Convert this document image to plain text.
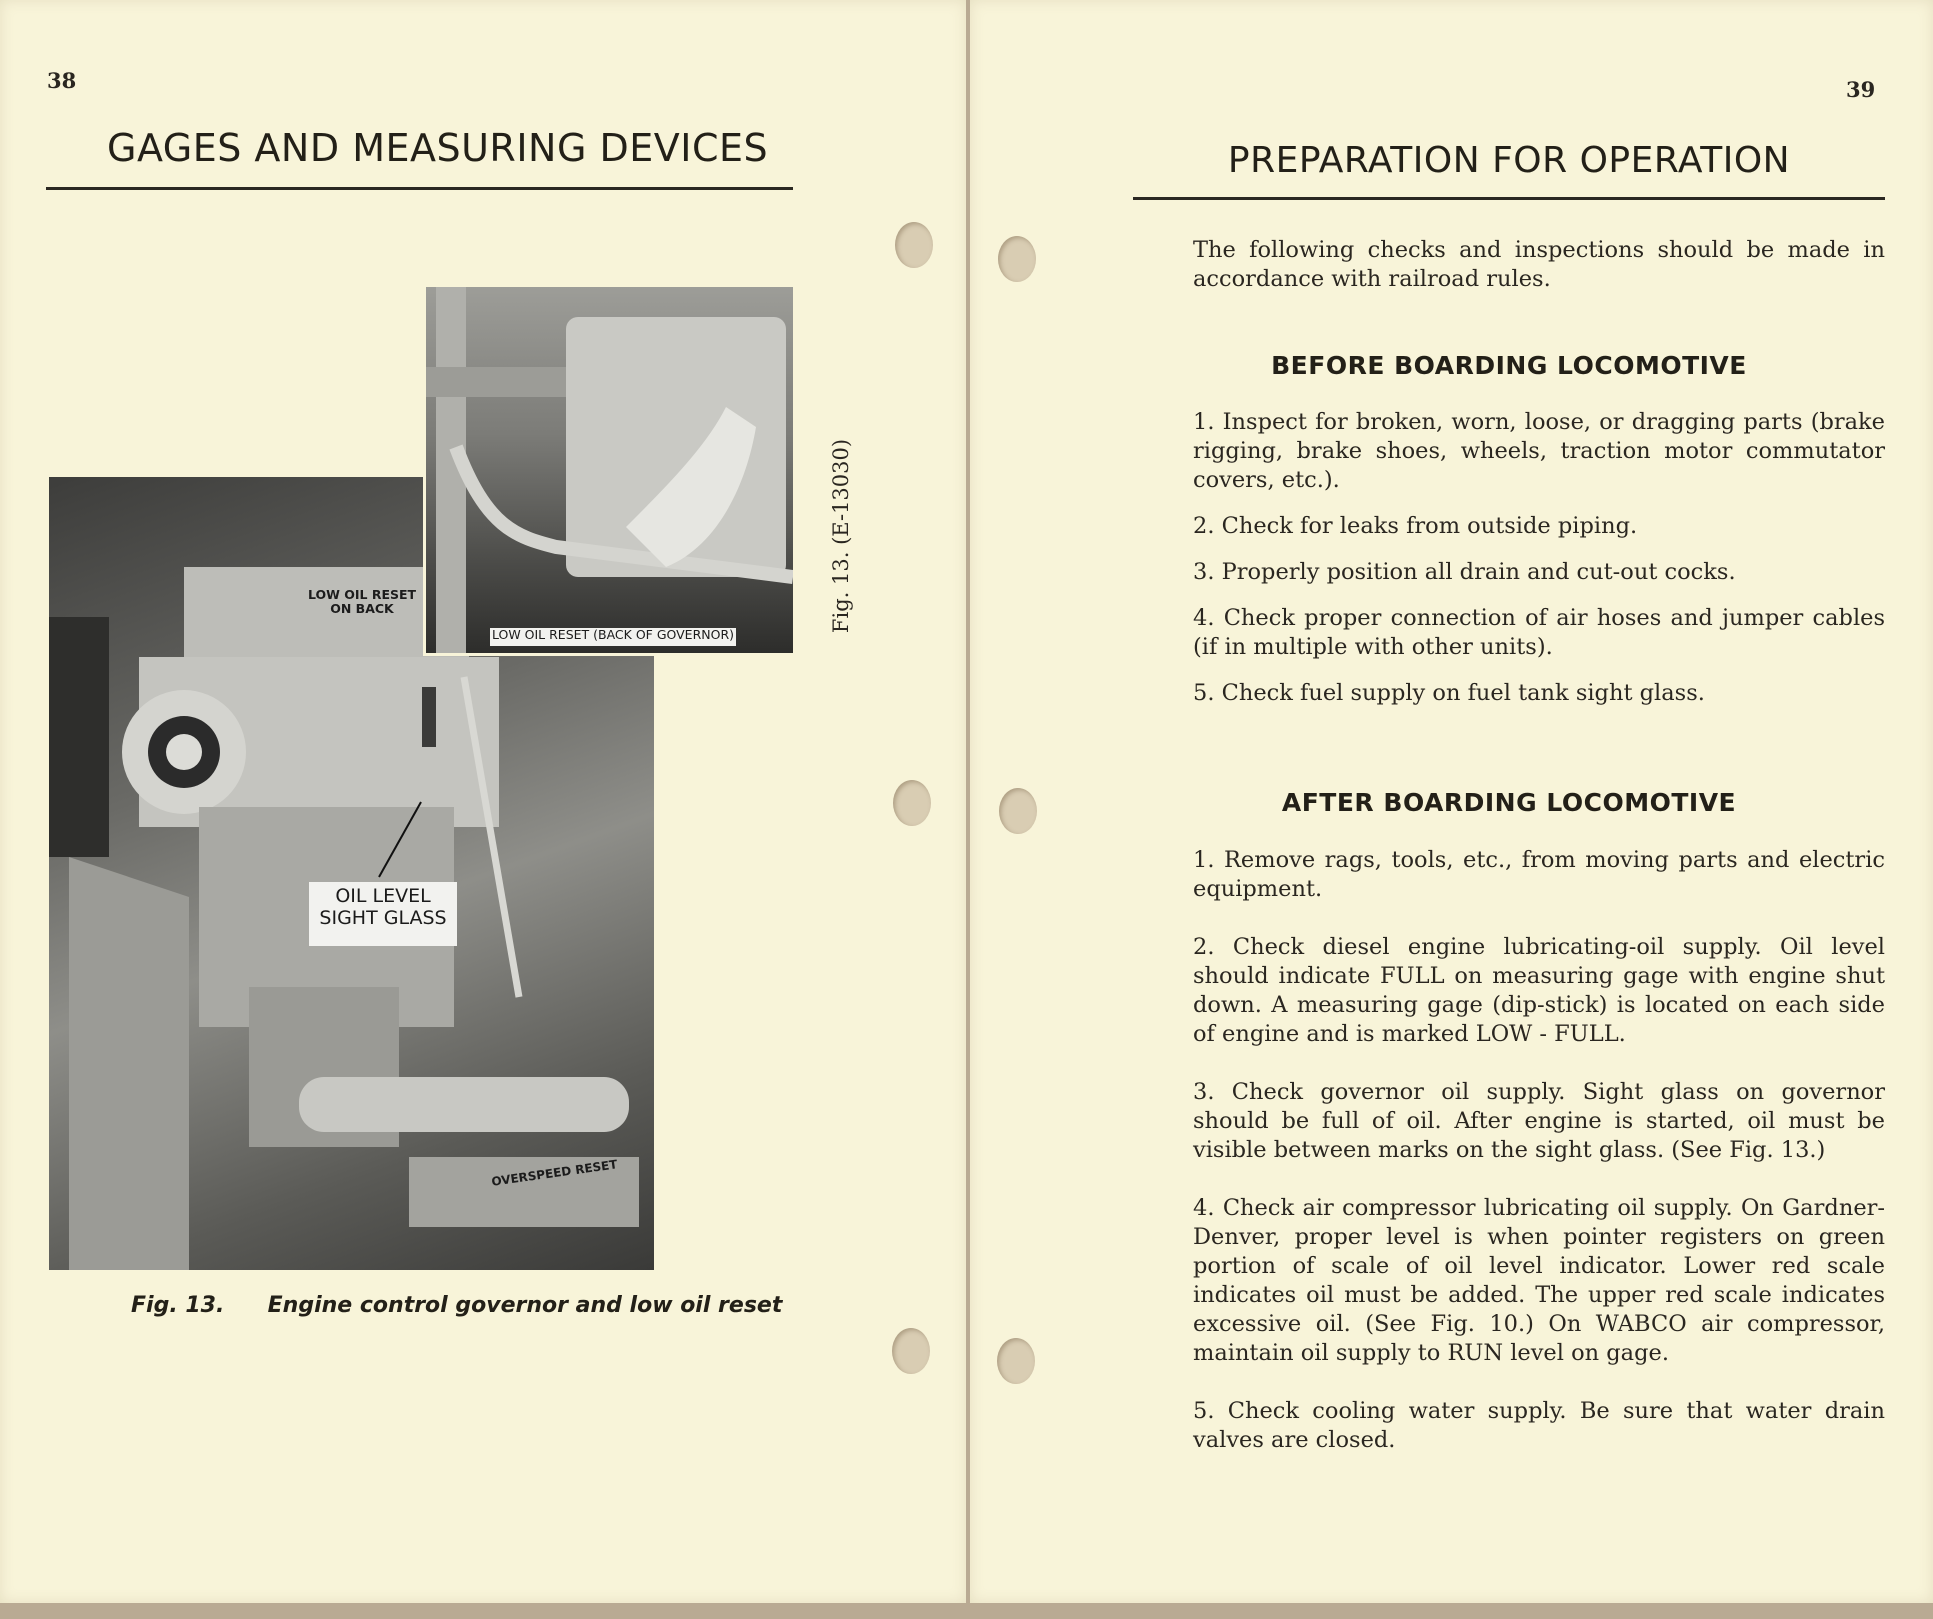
38
GAGES AND MEASURING DEVICES
LOW OIL RESET ON BACK
OIL LEVEL SIGHT GLASS
OVERSPEED RESET
LOW OIL RESET (BACK OF GOVERNOR)
Fig. 13. (E-13030)
Fig. 13. Engine control governor and low oil reset
39
PREPARATION FOR OPERATION

The following checks and inspections should be made in accordance with railroad rules.

BEFORE BOARDING LOCOMOTIVE

1. Inspect for broken, worn, loose, or dragging parts (brake rigging, brake shoes, wheels, traction motor commutator covers, etc.).

2. Check for leaks from outside piping.

3. Properly position all drain and cut-out cocks.

4. Check proper connection of air hoses and jumper cables (if in multiple with other units).

5. Check fuel supply on fuel tank sight glass.

AFTER BOARDING LOCOMOTIVE

1. Remove rags, tools, etc., from moving parts and electric equipment.

2. Check diesel engine lubricating-oil supply. Oil level should indicate FULL on measuring gage with engine shut down. A measuring gage (dip-stick) is located on each side of engine and is marked LOW - FULL.

3. Check governor oil supply. Sight glass on governor should be full of oil. After engine is started, oil must be visible between marks on the sight glass. (See Fig. 13.)

4. Check air compressor lubricating oil supply. On Gardner-Denver, proper level is when pointer registers on green portion of scale of oil level indicator. Lower red scale indicates oil must be added. The upper red scale indicates excessive oil. (See Fig. 10.) On WABCO air compressor, maintain oil supply to RUN level on gage.

5. Check cooling water supply. Be sure that water drain valves are closed.
